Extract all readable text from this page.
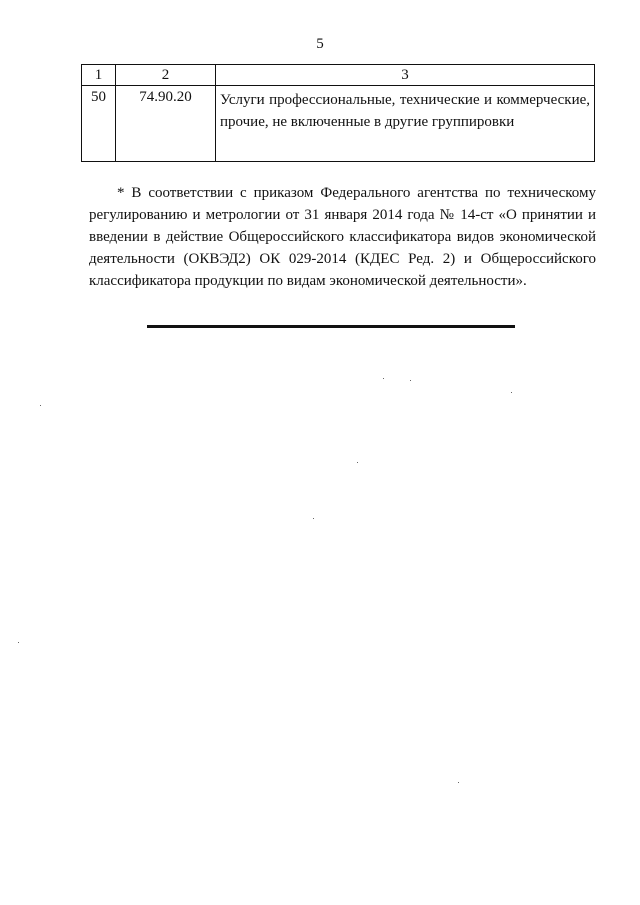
5
1	2	3
50	74.90.20	Услуги профессиональные, технические и коммерческие, прочие, не включенные в другие группировки

* В соответствии с приказом Федерального агентства по техническому регулированию и метрологии от 31 января 2014 года № 14-ст «О принятии и введении в действие Общероссийского классификатора видов экономической деятельности (ОКВЭД2) ОК 029-2014 (КДЕС Ред. 2) и Общероссийского классификатора продукции по видам экономической деятельности».
